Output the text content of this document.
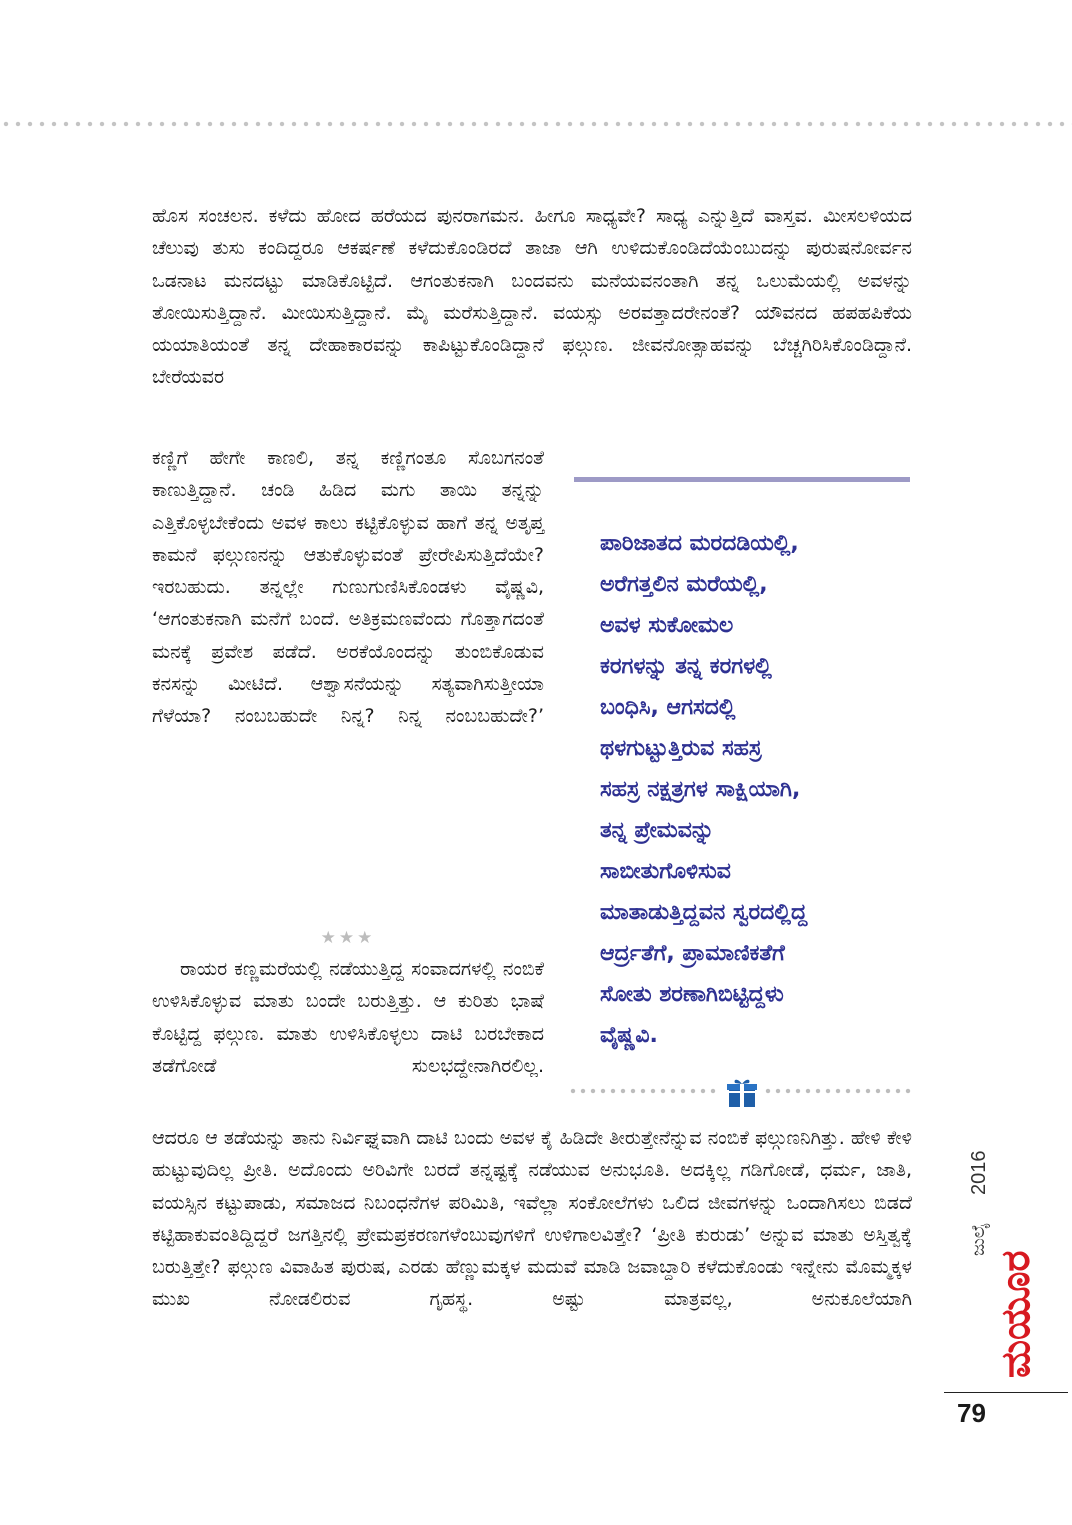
ಹೊಸ ಸಂಚಲನ. ಕಳೆದು ಹೋದ ಹರೆಯದ ಪುನರಾಗಮನ. ಹೀಗೂ ಸಾಧ್ಯವೇ? ಸಾಧ್ಯ ಎನ್ನುತ್ತಿದೆ ವಾಸ್ತವ. ಮೀಸಲಳಿಯದ ಚೆಲುವು ತುಸು ಕಂದಿದ್ದರೂ ಆಕರ್ಷಣೆ ಕಳೆದುಕೊಂಡಿರದೆ ತಾಜಾ ಆಗಿ ಉಳಿದುಕೊಂಡಿದೆಯೆಂಬುದನ್ನು ಪುರುಷನೋರ್ವನ ಒಡನಾಟ ಮನದಟ್ಟು ಮಾಡಿಕೊಟ್ಟಿದೆ. ಆಗಂತುಕನಾಗಿ ಬಂದವನು ಮನೆಯವನಂತಾಗಿ ತನ್ನ ಒಲುಮೆಯಲ್ಲಿ ಅವಳನ್ನು ತೋಯಿಸುತ್ತಿದ್ದಾನೆ. ಮೀಯಿಸುತ್ತಿದ್ದಾನೆ. ಮೈ ಮರೆಸುತ್ತಿದ್ದಾನೆ. ವಯಸ್ಸು ಅರವತ್ತಾದರೇನಂತೆ? ಯೌವನದ ಹಪಹಪಿಕೆಯ ಯಯಾತಿಯಂತೆ ತನ್ನ ದೇಹಾಕಾರವನ್ನು ಕಾಪಿಟ್ಟುಕೊಂಡಿದ್ದಾನೆ ಫಲ್ಗುಣ. ಜೀವನೋತ್ಸಾಹವನ್ನು ಬೆಚ್ಚಗಿರಿಸಿಕೊಂಡಿದ್ದಾನೆ. ಬೇರೆಯವರ

ಕಣ್ಣಿಗೆ ಹೇಗೇ ಕಾಣಲಿ, ತನ್ನ ಕಣ್ಣಿಗಂತೂ ಸೊಬಗನಂತೆ ಕಾಣುತ್ತಿದ್ದಾನೆ. ಚಂಡಿ ಹಿಡಿದ ಮಗು ತಾಯಿ ತನ್ನನ್ನು ಎತ್ತಿಕೊಳ್ಳಬೇಕೆಂದು ಅವಳ ಕಾಲು ಕಟ್ಟಿಕೊಳ್ಳುವ ಹಾಗೆ ತನ್ನ ಅತೃಪ್ತ ಕಾಮನೆ ಫಲ್ಗುಣನನ್ನು ಆತುಕೊಳ್ಳುವಂತೆ ಪ್ರೇರೇಪಿಸುತ್ತಿದೆಯೇ? ಇರಬಹುದು. ತನ್ನಲ್ಲೇ ಗುಣುಗುಣಿಸಿಕೊಂಡಳು ವೈಷ್ಣವಿ, ‘ಆಗಂತುಕನಾಗಿ ಮನೆಗೆ ಬಂದೆ. ಅತಿಕ್ರಮಣವೆಂದು ಗೊತ್ತಾಗದಂತೆ ಮನಕ್ಕೆ ಪ್ರವೇಶ ಪಡೆದೆ. ಅರಕೆಯೊಂದನ್ನು ತುಂಬಿಕೊಡುವ ಕನಸನ್ನು ಮೀಟಿದೆ. ಆಶ್ವಾಸನೆಯನ್ನು ಸತ್ಯವಾಗಿಸುತ್ತೀಯಾ ಗೆಳೆಯಾ? ನಂಬಬಹುದೇ ನಿನ್ನ? ನಿನ್ನ ನಂಬಬಹುದೇ?’

★★★

ರಾಯರ ಕಣ್ಣಮರೆಯಲ್ಲಿ ನಡೆಯುತ್ತಿದ್ದ ಸಂವಾದಗಳಲ್ಲಿ ನಂಬಿಕೆ ಉಳಿಸಿಕೊಳ್ಳುವ ಮಾತು ಬಂದೇ ಬರುತ್ತಿತ್ತು. ಆ ಕುರಿತು ಭಾಷೆ ಕೊಟ್ಟಿದ್ದ ಫಲ್ಗುಣ. ಮಾತು ಉಳಿಸಿಕೊಳ್ಳಲು ದಾಟಿ ಬರಬೇಕಾದ ತಡೆಗೋಡೆ ಸುಲಭದ್ದೇನಾಗಿರಲಿಲ್ಲ.

ಆದರೂ ಆ ತಡೆಯನ್ನು ತಾನು ನಿರ್ವಿಘ್ನವಾಗಿ ದಾಟಿ ಬಂದು ಅವಳ ಕೈ ಹಿಡಿದೇ ತೀರುತ್ತೇನೆನ್ನುವ ನಂಬಿಕೆ ಫಲ್ಗುಣನಿಗಿತ್ತು. ಹೇಳಿ ಕೇಳಿ ಹುಟ್ಟುವುದಿಲ್ಲ ಪ್ರೀತಿ. ಅದೊಂದು ಅರಿವಿಗೇ ಬರದೆ ತನ್ನಷ್ಟಕ್ಕೆ ನಡೆಯುವ ಅನುಭೂತಿ. ಅದಕ್ಕಿಲ್ಲ ಗಡಿಗೋಡೆ, ಧರ್ಮ, ಜಾತಿ, ವಯಸ್ಸಿನ ಕಟ್ಟುಪಾಡು, ಸಮಾಜದ ನಿಬಂಧನೆಗಳ ಪರಿಮಿತಿ, ಇವೆಲ್ಲಾ ಸಂಕೋಲೆಗಳು ಒಲಿದ ಜೀವಗಳನ್ನು ಒಂದಾಗಿಸಲು ಬಿಡದೆ ಕಟ್ಟಿಹಾಕುವಂತಿದ್ದಿದ್ದರೆ ಜಗತ್ತಿನಲ್ಲಿ ಪ್ರೇಮಪ್ರಕರಣಗಳೆಂಬುವುಗಳಿಗೆ ಉಳಿಗಾಲವಿತ್ತೇ? ‘ಪ್ರೀತಿ ಕುರುಡು’ ಅನ್ನುವ ಮಾತು ಅಸ್ತಿತ್ವಕ್ಕೆ ಬರುತ್ತಿತ್ತೇ? ಫಲ್ಗುಣ ವಿವಾಹಿತ ಪುರುಷ, ಎರಡು ಹೆಣ್ಣುಮಕ್ಕಳ ಮದುವೆ ಮಾಡಿ ಜವಾಬ್ದಾರಿ ಕಳೆದುಕೊಂಡು ಇನ್ನೇನು ಮೊಮ್ಮಕ್ಕಳ ಮುಖ ನೋಡಲಿರುವ ಗೃಹಸ್ಥ. ಅಷ್ಟು ಮಾತ್ರವಲ್ಲ, ಅನುಕೂಲೆಯಾಗಿ

ಪಾರಿಜಾತದ ಮರದಡಿಯಲ್ಲಿ,
ಅರೆಗತ್ತಲಿನ ಮರೆಯಲ್ಲಿ,
ಅವಳ ಸುಕೋಮಲ
ಕರಗಳನ್ನು ತನ್ನ ಕರಗಳಲ್ಲಿ
ಬಂಧಿಸಿ, ಆಗಸದಲ್ಲಿ
ಥಳಗುಟ್ಟುತ್ತಿರುವ ಸಹಸ್ರ
ಸಹಸ್ರ ನಕ್ಷತ್ರಗಳ ಸಾಕ್ಷಿಯಾಗಿ,
ತನ್ನ ಪ್ರೇಮವನ್ನು
ಸಾಬೀತುಗೊಳಿಸುವ
ಮಾತಾಡುತ್ತಿದ್ದವನ ಸ್ವರದಲ್ಲಿದ್ದ
ಆರ್ದ್ರತೆಗೆ, ಪ್ರಾಮಾಣಿಕತೆಗೆ
ಸೋತು ಶರಣಾಗಿಬಿಟ್ಟಿದ್ದಳು
ವೈಷ್ಣವಿ.
ಮಯೂರ
ಜುಲೈ
2016
79
